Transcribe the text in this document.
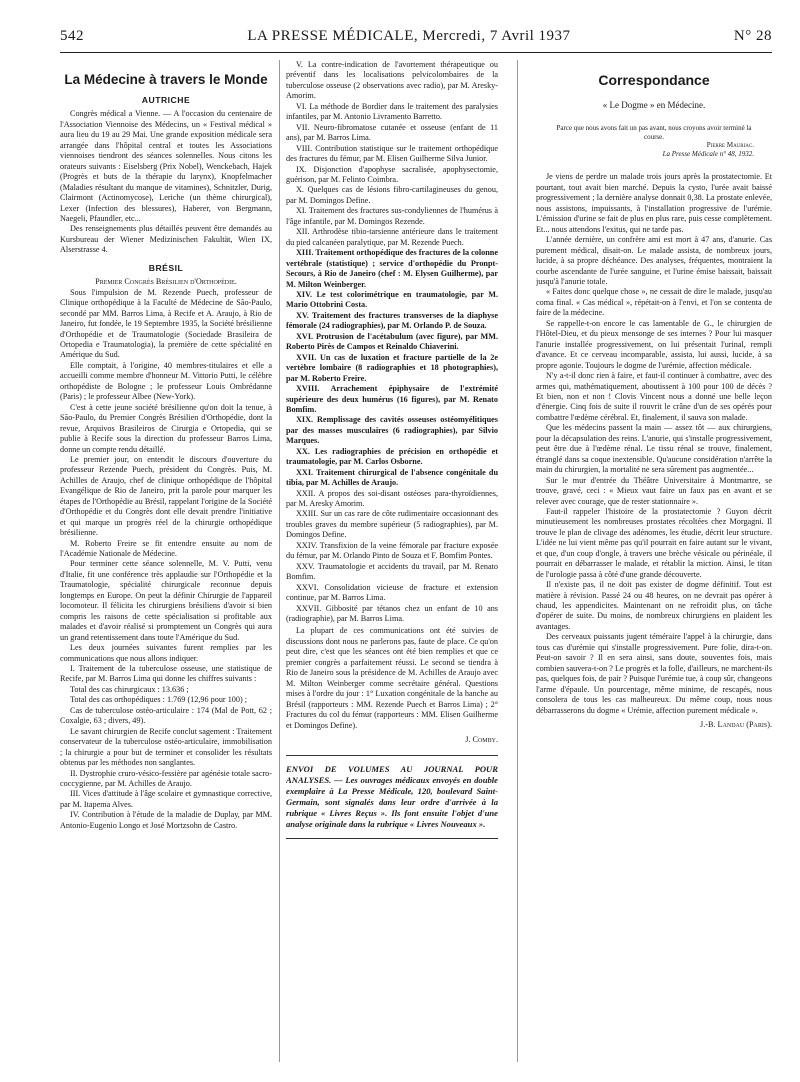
542	LA PRESSE MÉDICALE, Mercredi, 7 Avril 1937	N° 28
La Médecine à travers le Monde
AUTRICHE

Congrès médical a Vienne. — A l'occasion du centenaire de l'Association Viennoise des Médecins, un « Festival médical » aura lieu du 19 au 29 Mai. Une grande exposition médicale sera arrangée dans l'hôpital central et toutes les Associations viennoises tiendront des séances solennelles. Nous citons les orateurs suivants : Eiselsberg (Prix Nobel), Wenckebach, Hajek (Progrès et buts de la thérapie du larynx), Knopfelmacher (Maladies résultant du manque de vitamines), Schnitzler, Durig, Clairmont (Actinomycose), Leriche (un thème chirurgical), Lexer (Infection des blessures), Haberer, von Bergmann, Naegeli, Pfaundler, etc...

Des renseignements plus détaillés peuvent être demandés au Kursbureau der Wiener Medizinischen Fakultät, Wien IX, Alserstrasse 4.

BRÉSIL

Premier Congrès Brésilien d'Orthopédie.

Sous l'impulsion de M. Rezende Puech, professeur de Clinique orthopédique à la Faculté de Médecine de São-Paulo, secondé par MM. Barros Lima, à Recife et A. Araujo, à Rio de Janeiro, fut fondée, le 19 Septembre 1935, la Société brésilienne d'Orthopédie et de Traumatologie (Sociedade Brasileira de Ortopedia e Traumatologia), la première de cette spécialité en Amérique du Sud.

Elle comptait, à l'origine, 40 membres-titulaires et elle a accueilli comme membre d'honneur M. Vittorio Putti, le célèbre orthopédiste de Bologne ; le professeur Louis Ombrédanne (Paris) ; le professeur Albee (New-York).

C'est à cette jeune société brésilienne qu'on doit la tenue, à São-Paulo, du Premier Congrès Brésilien d'Orthopédie, dont la revue, Arquivos Brasileiros de Cirurgia e Ortopedia, qui se publie à Recife sous la direction du professeur Barros Lima, donne un compte rendu détaillé.

Le premier jour, on entendit le discours d'ouverture du professeur Rezende Puech, président du Congrès. Puis, M. Achilles de Araujo, chef de clinique orthopédique de l'hôpital Evangélique de Rio de Janeiro, prit la parole pour marquer les étapes de l'Orthopédie au Brésil, rappelant l'origine de la Société d'Orthopédie et du Congrès dont elle devait prendre l'initiative et qui marque un progrès réel de la chirurgie orthopédique brésilienne.

M. Roberto Freire se fit entendre ensuite au nom de l'Académie Nationale de Médecine.

Pour terminer cette séance solennelle, M. V. Putti, venu d'Italie, fit une conférence très applaudie sur l'Orthopédie et la Traumatologie, spécialité chirurgicale reconnue depuis longtemps en Europe. On peut la définir Chirurgie de l'appareil locomoteur. Il félicita les chirurgiens brésiliens d'avoir si bien compris les raisons de cette spécialisation si profitable aux malades et d'avoir réalisé si promptement un Congrès qui aura un grand retentissement dans toute l'Amérique du Sud.

Les deux journées suivantes furent remplies par les communications que nous allons indiquer.

I. Traitement de la tuberculose osseuse, une statistique de Recife, par M. Barros Lima qui donne les chiffres suivants :

Total des cas chirurgicaux : 13.636 ;

Total des cas orthopédiques : 1.769 (12,96 pour 100) ;

Cas de tuberculose ostéo-articulaire : 174 (Mal de Pott, 62 ; Coxalgie, 63 ; divers, 49).

Le savant chirurgien de Recife conclut sagement : Traitement conservateur de la tuberculose ostéo-articulaire, immobilisation ; la chirurgie a pour but de terminer et consolider les résultats obtenus par les méthodes non sanglantes.

II. Dystrophie cruro-vésico-fessière par agénésie totale sacro-coccygienne, par M. Achilles de Araujo.

III. Vices d'attitude à l'âge scolaire et gymnastique corrective, par M. Itapema Alves.

IV. Contribution à l'étude de la maladie de Duplay, par MM. Antonio-Eugenio Longo et José Mortzsohn de Castro.

V. La contre-indication de l'avortement thérapeutique ou préventif dans les localisations pelvicolombaires de la tuberculose osseuse (2 observations avec radio), par M. Aresky-Amorim.

VI. La méthode de Bordier dans le traitement des paralysies infantiles, par M. Antonio Livramento Barretto.

VII. Neuro-fibromatose cutanée et osseuse (enfant de 11 ans), par M. Barros Lima.

VIII. Contribution statistique sur le traitement orthopédique des fractures du fémur, par M. Elisen Guilherme Silva Junior.

IX. Disjonction d'apophyse sacralisée, apophysectomie, guérison, par M. Felinto Coimbra.

X. Quelques cas de lésions fibro-cartilagineuses du genou, par M. Domingos Define.

XI. Traitement des fractures sus-condyliennes de l'humérus à l'âge infantile, par M. Domingos Rezende.

XII. Arthrodèse tibio-tarsienne antérieure dans le traitement du pied calcanéen paralytique, par M. Rezende Puech.

XIII. Traitement orthopédique des fractures de la colonne vertébrale (statistique) ; service d'orthopédie du Pronpt-Secours, à Rio de Janeiro (chef : M. Elysen Guilherme), par M. Milton Weinberger.

XIV. Le test colorimétrique en traumatologie, par M. Mario Ottobrini Costa.

XV. Traitement des fractures transverses de la diaphyse fémorale (24 radiographies), par M. Orlando P. de Souza.

XVI. Protrusion de l'acétabulum (avec figure), par MM. Roberto Pirès de Campos et Reinaldo Chiaverini.

XVII. Un cas de luxation et fracture partielle de la 2e vertèbre lombaire (8 radiographies et 18 photographies), par M. Roberto Freire.

XVIII. Arrachement épiphysaire de l'extrémité supérieure des deux humérus (16 figures), par M. Renato Bomfim.

XIX. Remplissage des cavités osseuses ostéomyélitiques par des masses musculaires (6 radiographies), par Silvio Marques.

XX. Les radiographies de précision en orthopédie et traumatologie, par M. Carlos Osborne.

XXI. Traitement chirurgical de l'absence congénitale du tibia, par M. Achilles de Araujo.

XXII. A propos des soi-disant ostéoses para-thyroïdiennes, par M. Aresky Amorim.

XXIII. Sur un cas rare de côte rudimentaire occasionnant des troubles graves du membre supérieur (5 radiographies), par M. Domingos Define.

XXIV. Transfixion de la veine fémorale par fracture exposée du fémur, par M. Orlando Pinto de Souza et F. Bomfim Pontes.

XXV. Traumatologie et accidents du travail, par M. Renato Bomfim.

XXVI. Consolidation vicieuse de fracture et extension continue, par M. Barros Lima.

XXVII. Gibbosité par tétanos chez un enfant de 10 ans (radiographie), par M. Barros Lima.

La plupart de ces communications ont été suivies de discussions dont nous ne parlerons pas, faute de place. Ce qu'on peut dire, c'est que les séances ont été bien remplies et que ce premier congrès a parfaitement réussi. Le second se tiendra à Rio de Janeiro sous la présidence de M. Achilles de Araujo avec M. Milton Weinberger comme secrétaire général. Questions mises à l'ordre du jour : 1° Luxation congénitale de la hanche au Brésil (rapporteurs : MM. Rezende Puech et Barros Lima) ; 2° Fractures du col du fémur (rapporteurs : MM. Elisen Guilherme et Domingos Define).

J. Comby.

ENVOI DE VOLUMES AU JOURNAL POUR ANALYSES. — Les ouvrages médicaux envoyés en double exemplaire à La Presse Médicale, 120, boulevard Saint-Germain, sont signalés dans leur ordre d'arrivée à la rubrique « Livres Reçus ». Ils font ensuite l'objet d'une analyse originale dans la rubrique « Livres Nouveaux ».

Correspondance
« Le Dogme » en Médecine.
Parce que nous avons fait un pas avant, nous croyons avoir terminé la course.
Pierre Mauriac.
La Presse Médicale n° 48, 1932.

Je viens de perdre un malade trois jours après la prostatectomie. Et pourtant, tout avait bien marché. Depuis la cysto, l'urée avait baissé progressivement ; la dernière analyse donnait 0,38. La prostate enlevée, nous assistons, impuissants, à l'installation progressive de l'urémie. L'émission d'urine se fait de plus en plus rare, puis cesse complètement. Et... nous attendons l'exitus, qui ne tarde pas.

L'année dernière, un confrère ami est mort à 47 ans, d'anurie. Cas purement médical, disait-on. Le malade assista, de nombreux jours, lucide, à sa propre déchéance. Des analyses, fréquentes, montraient la courbe ascendante de l'urée sanguine, et l'urine émise baissait, baissait jusqu'à l'anurie totale.

« Faites donc quelque chose », ne cessait de dire le malade, jusqu'au coma final. « Cas médical », répétait-on à l'envi, et l'on se contenta de faire de la médecine.

Se rappelle-t-on encore le cas lamentable de G., le chirurgien de l'Hôtel-Dieu, et du pieux mensonge de ses internes ? Pour lui masquer l'anurie installée progressivement, on lui présentait l'urinal, rempli d'avance. Et ce cerveau incomparable, assista, lui aussi, lucide, à sa propre agonie. Toujours le dogme de l'urémie, affection médicale.

N'y a-t-il donc rien à faire, et faut-il continuer à combattre, avec des armes qui, mathématiquement, aboutissent à 100 pour 100 de décès ? Et bien, non et non ! Clovis Vincent nous a donné une belle leçon d'énergie. Cinq fois de suite il rouvrit le crâne d'un de ses opérés pour combattre l'œdème cérébral. Et, finalement, il sauva son malade.

Que les médecins passent la main — assez tôt — aux chirurgiens, pour la décapsulation des reins. L'anurie, qui s'installe progressivement, peut être due à l'œdème rénal. Le tissu rénal se trouve, finalement, étranglé dans sa coque inextensible. Qu'aucune considération n'arrête la main du chirurgien, la mortalité ne sera sûrement pas augmentée...

Sur le mur d'entrée du Théâtre Universitaire à Montmartre, se trouve, gravé, ceci : « Mieux vaut faire un faux pas en avant et se relever avec courage, que de rester stationnaire ».

Faut-il rappeler l'histoire de la prostatectomie ? Guyon décrit minutieusement les nombreuses prostates récoltées chez Morgagni. Il trouve le plan de clivage des adénomes, les étudie, décrit leur structure. L'idée ne lui vient même pas qu'il pourrait en faire autant sur le vivant, et que, d'un coup d'ongle, à travers une brèche vésicale ou périnéale, il pourrait en débarrasser le malade, et rétablir la miction. Ainsi, le titan de l'urologie passa à côté d'une grande découverte.

Il n'existe pas, il ne doit pas exister de dogme définitif. Tout est matière à révision. Passé 24 ou 48 heures, on ne devrait pas opérer à chaud, les appendicites. Maintenant on ne refroidit plus, on tâche d'opérer de suite. Du moins, de nombreux chirurgiens en plaident les avantages.

Des cerveaux puissants jugent téméraire l'appel à la chirurgie, dans tous cas d'urémie qui s'installe progressivement. Pure folie, dira-t-on. Peut-on savoir ? Il en sera ainsi, sans doute, souventes fois, mais combien sauvera-t-on ? Le progrès et la folle, d'ailleurs, ne marchent-ils pas, quelques fois, de pair ? Puisque l'urémie tue, à coup sûr, changeons l'arme d'épaule. Un pourcentage, même minime, de rescapés, nous consolera de tous les cas malheureux. Du même coup, nous nous débarrasserons du dogme « Urémie, affection purement médicale ».

J.-B. Landau (Paris).
